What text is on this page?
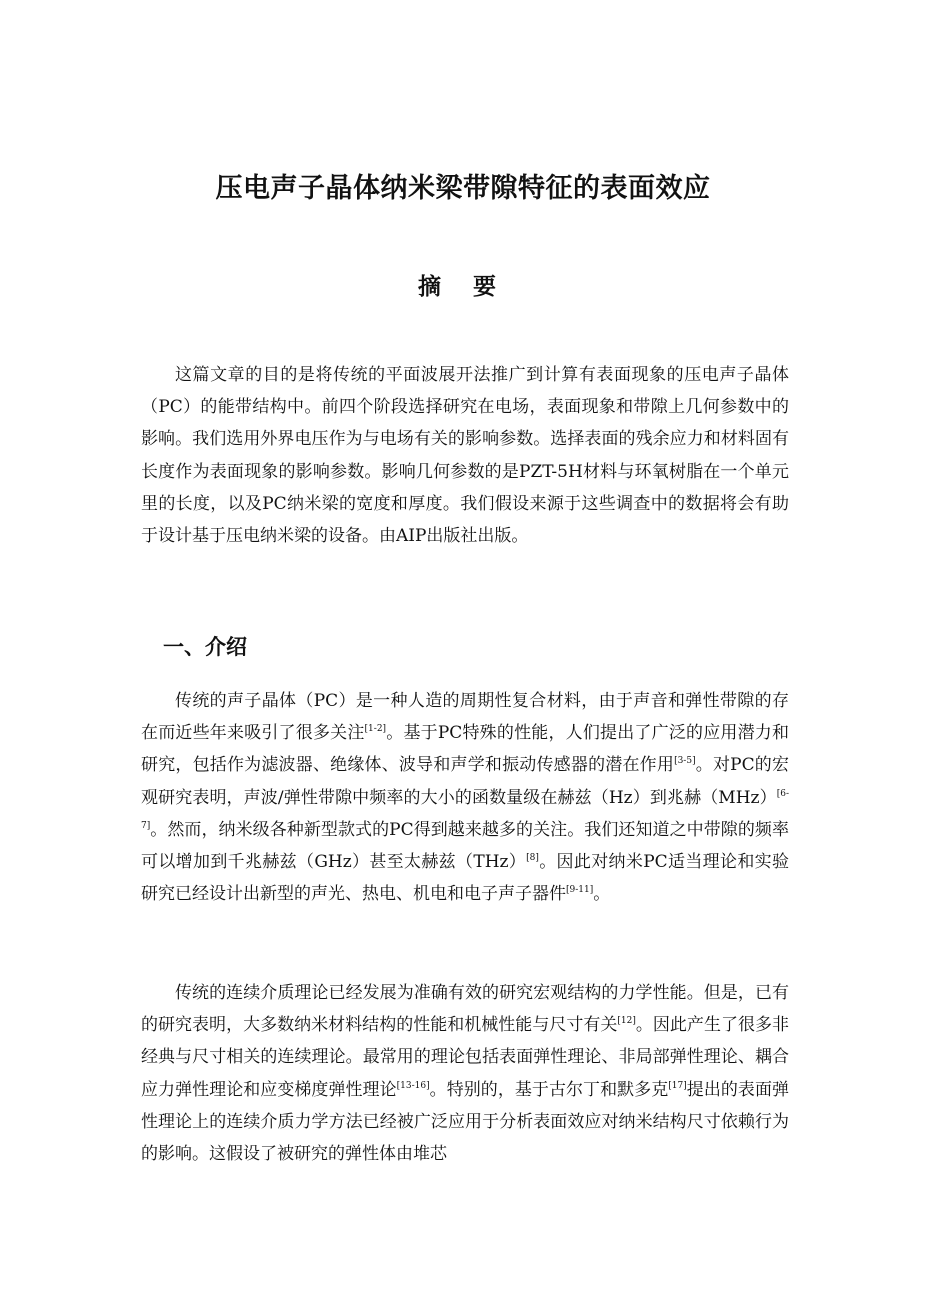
压电声子晶体纳米梁带隙特征的表面效应
摘 要

这篇文章的目的是将传统的平面波展开法推广到计算有表面现象的压电声子晶体（PC）的能带结构中。前四个阶段选择研究在电场，表面现象和带隙上几何参数中的影响。我们选用外界电压作为与电场有关的影响参数。选择表面的残余应力和材料固有长度作为表面现象的影响参数。影响几何参数的是PZT-5H材料与环氧树脂在一个单元里的长度，以及PC纳米梁的宽度和厚度。我们假设来源于这些调查中的数据将会有助于设计基于压电纳米梁的设备。由AIP出版社出版。

一、介绍

传统的声子晶体（PC）是一种人造的周期性复合材料，由于声音和弹性带隙的存在而近些年来吸引了很多关注[1-2]。基于PC特殊的性能，人们提出了广泛的应用潜力和研究，包括作为滤波器、绝缘体、波导和声学和振动传感器的潜在作用[3-5]。对PC的宏观研究表明，声波/弹性带隙中频率的大小的函数量级在赫兹（Hz）到兆赫（MHz）[6-7]。然而，纳米级各种新型款式的PC得到越来越多的关注。我们还知道之中带隙的频率可以增加到千兆赫兹（GHz）甚至太赫兹（THz）[8]。因此对纳米PC适当理论和实验研究已经设计出新型的声光、热电、机电和电子声子器件[9-11]。

传统的连续介质理论已经发展为准确有效的研究宏观结构的力学性能。但是，已有的研究表明，大多数纳米材料结构的性能和机械性能与尺寸有关[12]。因此产生了很多非经典与尺寸相关的连续理论。最常用的理论包括表面弹性理论、非局部弹性理论、耦合应力弹性理论和应变梯度弹性理论[13-16]。特别的，基于古尔丁和默多克[17]提出的表面弹性理论上的连续介质力学方法已经被广泛应用于分析表面效应对纳米结构尺寸依赖行为的影响。这假设了被研究的弹性体由堆芯
